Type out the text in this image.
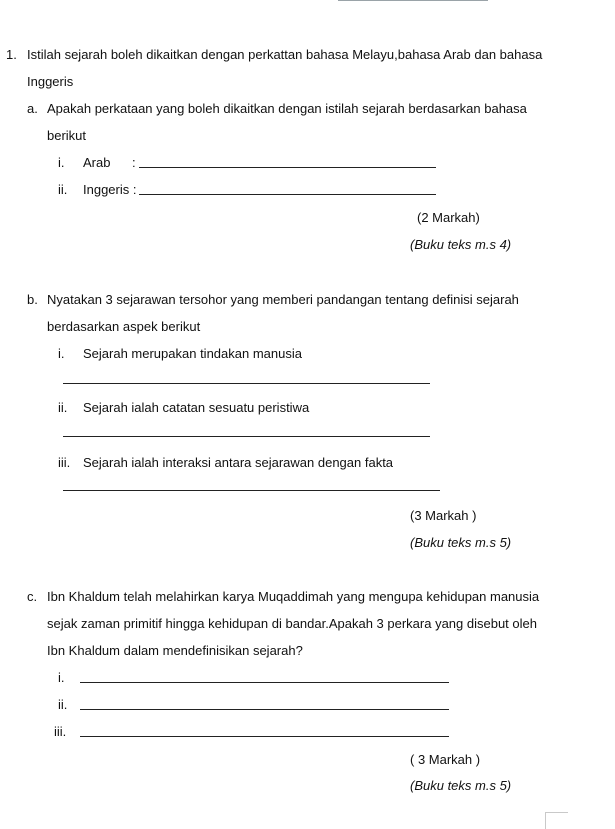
1. Istilah sejarah boleh dikaitkan dengan perkattan bahasa Melayu,bahasa Arab dan bahasa
Inggeris
a. Apakah perkataan yang boleh dikaitkan dengan istilah sejarah berdasarkan bahasa
berikut
i. Arab :
ii. Inggeris :
(2 Markah)
(Buku teks m.s 4)
b. Nyatakan 3 sejarawan tersohor yang memberi pandangan tentang definisi sejarah
berdasarkan aspek berikut
i. Sejarah merupakan tindakan manusia
ii. Sejarah ialah catatan sesuatu peristiwa
iii. Sejarah ialah interaksi antara sejarawan dengan fakta
(3 Markah )
(Buku teks m.s 5)
c. Ibn Khaldum telah melahirkan karya Muqaddimah yang mengupa kehidupan manusia
sejak zaman primitif hingga kehidupan di bandar.Apakah 3 perkara yang disebut oleh
Ibn Khaldum dalam mendefinisikan sejarah?
i.
ii.
iii.
( 3 Markah )
(Buku teks m.s 5)
